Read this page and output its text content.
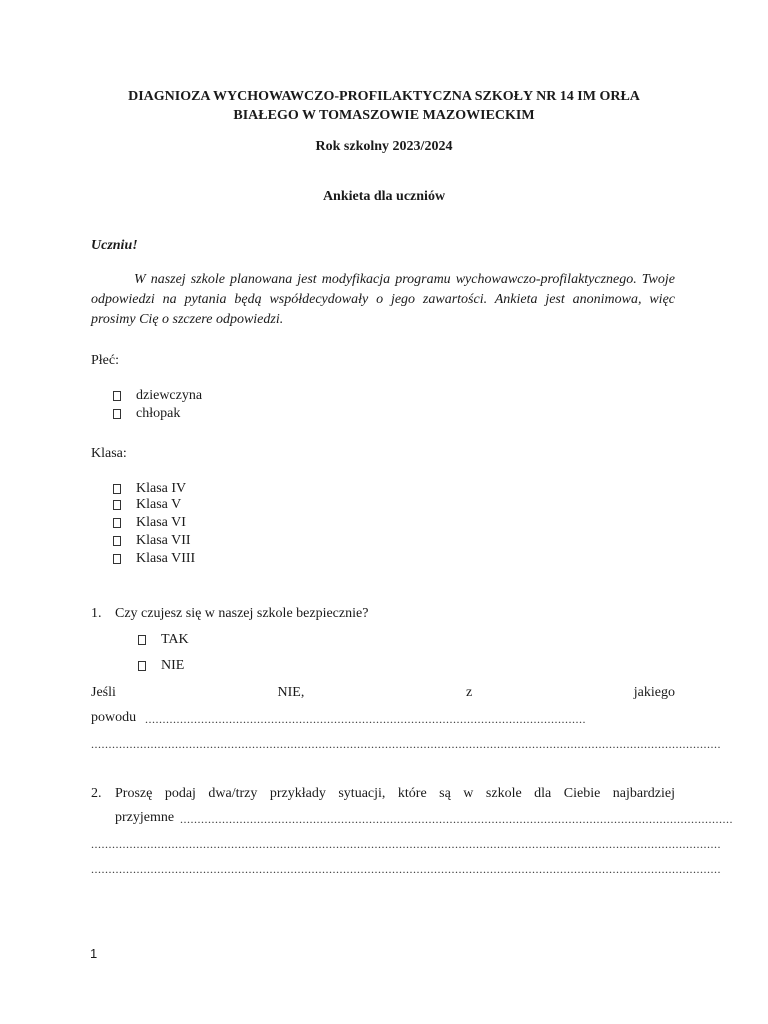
DIAGNIOZA WYCHOWAWCZO-PROFILAKTYCZNA SZKOŁY NR 14 IM ORŁA
BIAŁEGO W TOMASZOWIE MAZOWIECKIM
Rok szkolny 2023/2024
Ankieta dla uczniów
Uczniu!
W naszej szkole planowana jest modyfikacja programu wychowawczo-profilaktycznego. Twoje odpowiedzi na pytania będą współdecydowały o jego zawartości. Ankieta jest anonimowa, więc prosimy Cię o szczere odpowiedzi.
Płeć:
dziewczyna
chłopak
Klasa:
Klasa IV
Klasa V
Klasa VI
Klasa VII
Klasa VIII
1. Czy czujesz się w naszej szkole bezpiecznie?
TAK
NIE
Jeśli	NIE,	z	jakiego
powodu ..............................................................................................................................
....................................................................................................................................................................................
2. Proszę podaj dwa/trzy przykłady sytuacji, które są w szkole dla Ciebie najbardziej
przyjemne ..............................................................................................................................................................
....................................................................................................................................................................................
....................................................................................................................................................................................
1
